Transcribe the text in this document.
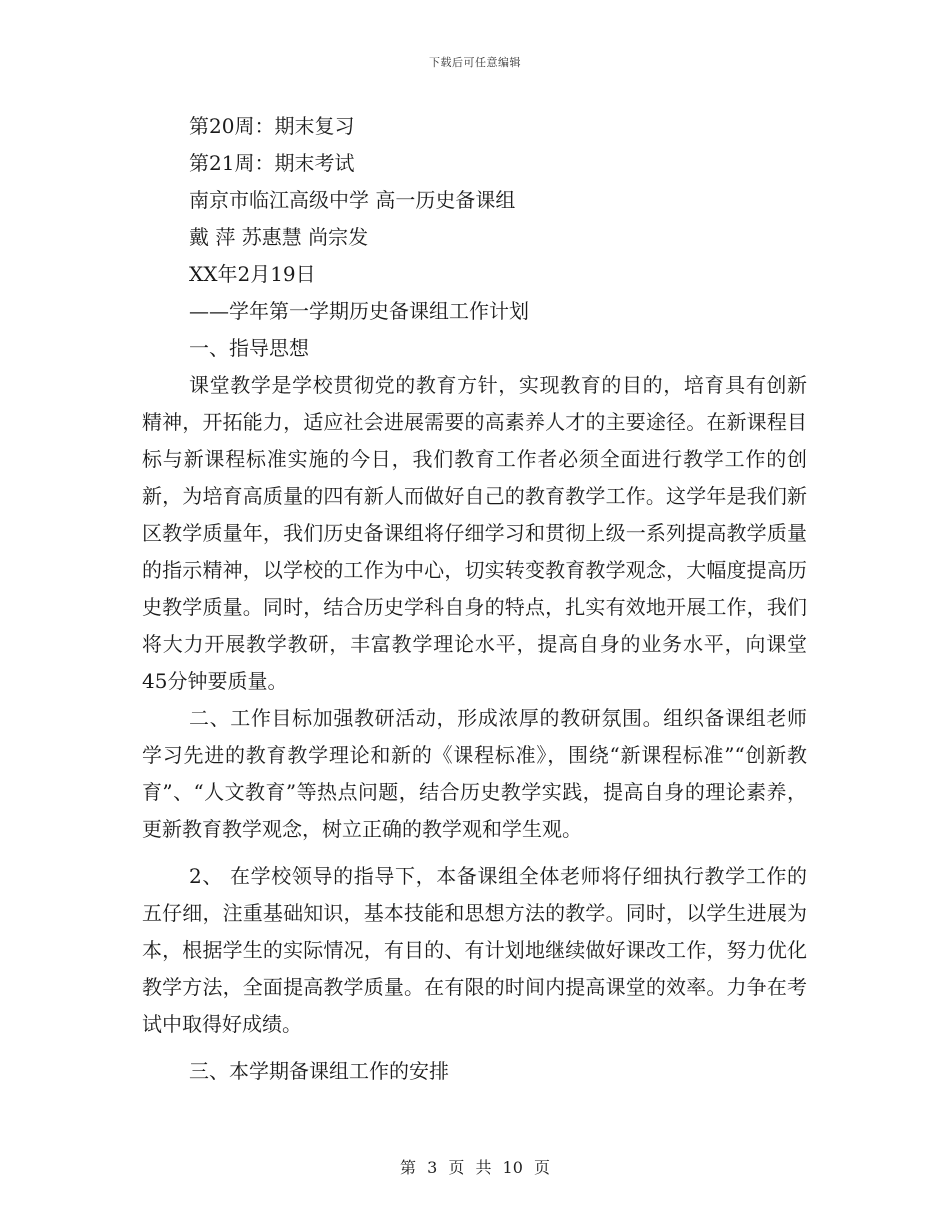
下载后可任意编辑
第20周：期末复习
第21周：期末考试
南京市临江高级中学 高一历史备课组
戴 萍 苏惠慧 尚宗发
XX年2月19日
——学年第一学期历史备课组工作计划
一、指导思想

课堂教学是学校贯彻党的教育方针，实现教育的目的，培育具有创新精神，开拓能力，适应社会进展需要的高素养人才的主要途径。在新课程目标与新课程标准实施的今日，我们教育工作者必须全面进行教学工作的创新，为培育高质量的四有新人而做好自己的教育教学工作。这学年是我们新区教学质量年，我们历史备课组将仔细学习和贯彻上级一系列提高教学质量的指示精神，以学校的工作为中心，切实转变教育教学观念，大幅度提高历史教学质量。同时，结合历史学科自身的特点，扎实有效地开展工作，我们将大力开展教学教研，丰富教学理论水平，提高自身的业务水平，向课堂45分钟要质量。

二、工作目标加强教研活动，形成浓厚的教研氛围。组织备课组老师学习先进的教育教学理论和新的《课程标准》，围绕“新课程标准”“创新教育”、“人文教育”等热点问题，结合历史教学实践，提高自身的理论素养，更新教育教学观念，树立正确的教学观和学生观。

2、 在学校领导的指导下，本备课组全体老师将仔细执行教学工作的五仔细，注重基础知识，基本技能和思想方法的教学。同时，以学生进展为本，根据学生的实际情况，有目的、有计划地继续做好课改工作，努力优化教学方法，全面提高教学质量。在有限的时间内提高课堂的效率。力争在考试中取得好成绩。

三、本学期备课组工作的安排
第 3 页 共 10 页
